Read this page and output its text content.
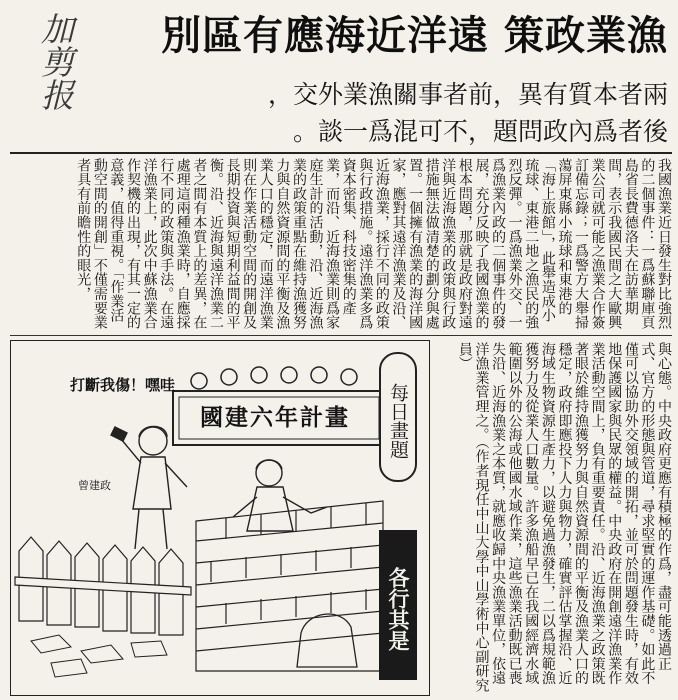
加剪报	別區有應海近洋遠 策政業漁
，交外業漁關事者前，異有質本者兩
。談一爲混可不，題問政內爲者後
我國漁業近日發生對比強烈的二個事件：一爲蘇聯庫頁島省長費德洛夫在訪華期間，表示我國民間之大歐興業公司就可能之漁業合作簽訂備忘錄；一爲警方大舉掃蕩屏東縣小琉球和東港的「海上旅館」，此舉造成小琉球、東港二地之漁民的強烈反彈。一爲漁業外交、一爲漁業內政的二個事件的發展，充分反映了我國漁業的根本問題，那就是政府對遠洋與近海漁業的政策與行政措施無法做清楚的劃分與處置。一個擁有漁業的海洋國家，應對其遠洋漁業及沿、近海漁業，採行不同的政策與行政措施。遠洋漁業多爲資本密集、科技密集的產業，而沿、近海漁業則爲家庭生計的活動，沿、近海漁業的政策重點在維持漁獲努力與自然資源間的平衡及漁業人口的穩定，而遠洋漁業則在作業活動空間的開創及長期投資與短期利益間的平衡。沿、近海與遠洋漁業二者之間有本質上的差異，在處理這兩種漁業時，自應採行不同的政策與手法。在遠洋漁業上，此次中蘇漁業合作契機的出現，有其一定的意義，值得重視。「作業活動空間的開創」不僅需要業者具有前瞻性的眼光，
國建六年計畫
打斷我傷！嘿哇
曾建政
每日畫題
各行其是	與心態。中央政府更應有積極的作爲，盡可能透過正式、官方的形態與管道，尋求堅實的運作基礎。如此不僅可以協助外交領域的開拓，並可於問題發生時，有效地保護國家與民眾的權益。中央政府在開創遠洋漁業作業活動空間上，負有重要責任。沿、近海漁業之政策既著眼於維持漁獲努力與自然資源間的平衡及漁業人口的穩定，政府即應投下人力與物力，確實評估掌握沿、近海域生物資源生產力，以避免過漁發生，二以爲規範漁獲努力及從業人口數量。許多漁船早已在我國經濟水域範圍以外的公海或他國水域作業，這些漁業活動既已喪失沿、近海漁業之本質，就應收歸中央漁業單位，依遠洋漁業管理之。（作者現任中山大學中山學術中心副研究員）
